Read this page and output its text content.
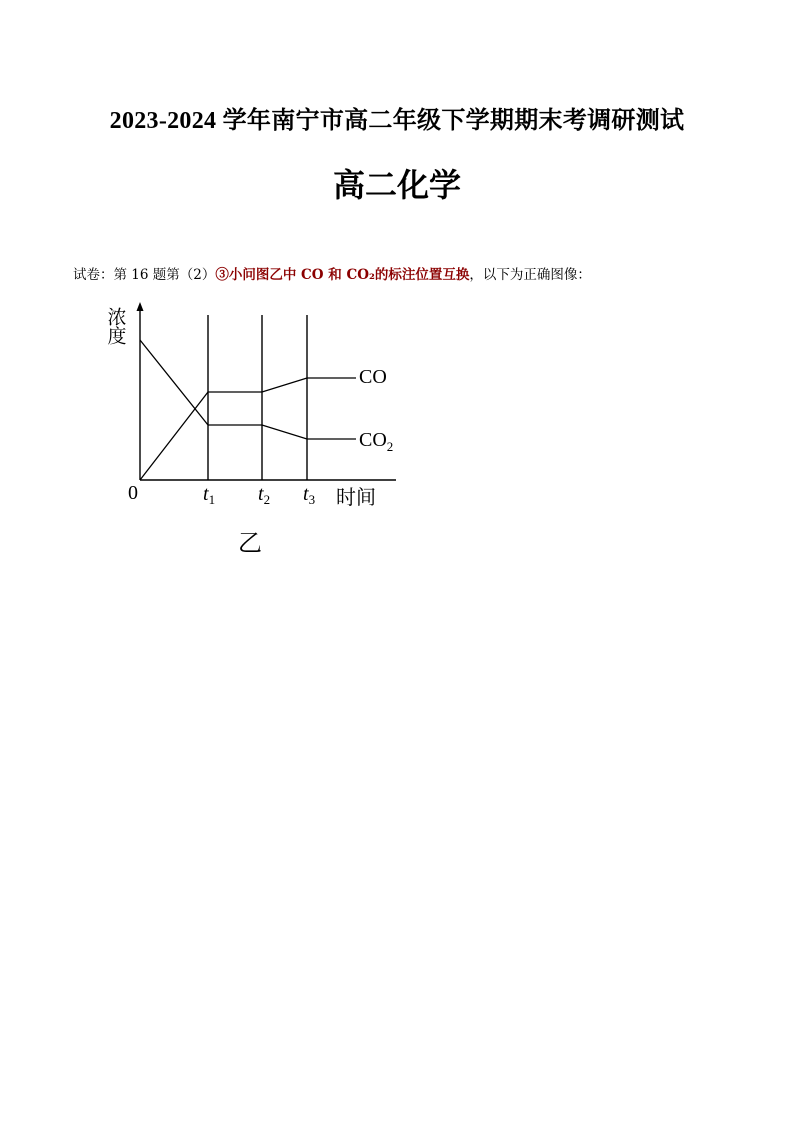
2023-2024 学年南宁市高二年级下学期期末考调研测试
高二化学
试卷：第 16 题第（2）③小问图乙中 CO 和 CO₂的标注位置互换，以下为正确图像：
CO
$CO_2$
浓度
0	$t_1$ $t_2$ $t_3$ 时间
乙
